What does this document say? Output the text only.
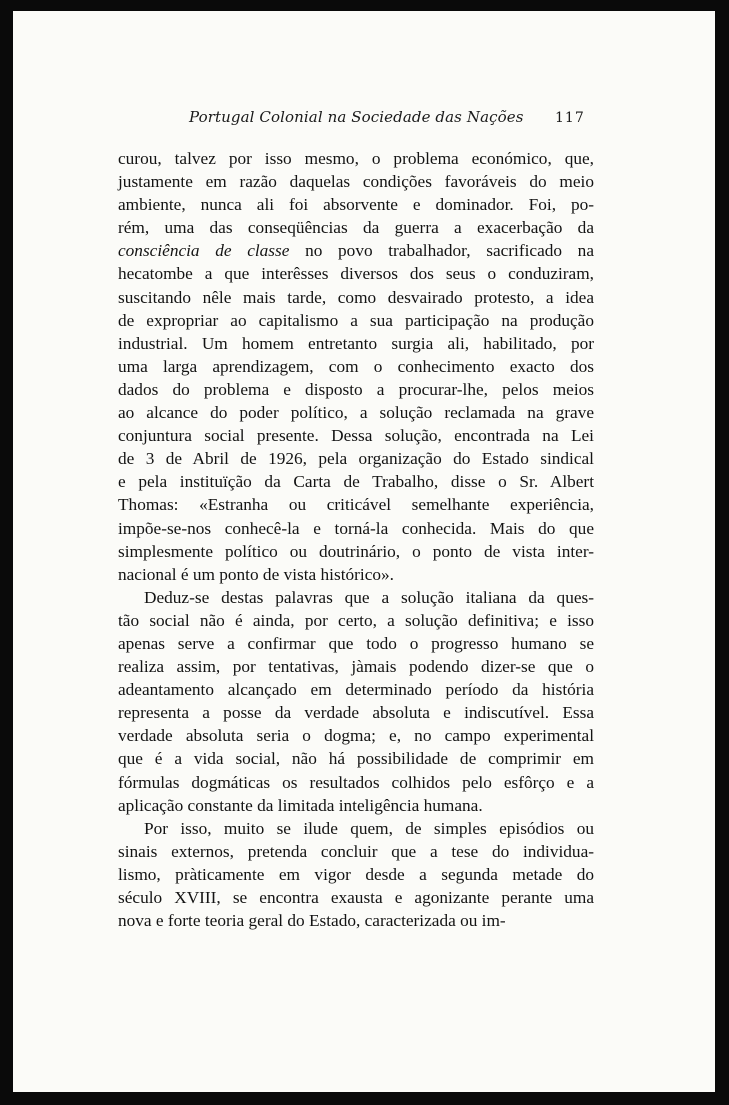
Portugal Colonial na Sociedade das Nações 117

curou, talvez por isso mesmo, o problema económico, que,
justamente em razão daquelas condições favoráveis do meio
ambiente, nunca ali foi absorvente e dominador. Foi, po-
rém, uma das conseqüências da guerra a exacerbação da
consciência de classe no povo trabalhador, sacrificado na
hecatombe a que interêsses diversos dos seus o conduziram,
suscitando nêle mais tarde, como desvairado protesto, a idea
de expropriar ao capitalismo a sua participação na produção
industrial. Um homem entretanto surgia ali, habilitado, por
uma larga aprendizagem, com o conhecimento exacto dos
dados do problema e disposto a procurar-lhe, pelos meios
ao alcance do poder político, a solução reclamada na grave
conjuntura social presente. Dessa solução, encontrada na Lei
de 3 de Abril de 1926, pela organização do Estado sindical
e pela instituïção da Carta de Trabalho, disse o Sr. Albert
Thomas: «Estranha ou criticável semelhante experiência,
impõe-se-nos conhecê-la e torná-la conhecida. Mais do que
simplesmente político ou doutrinário, o ponto de vista inter-
nacional é um ponto de vista histórico».

Deduz-se destas palavras que a solução italiana da ques-
tão social não é ainda, por certo, a solução definitiva; e isso
apenas serve a confirmar que todo o progresso humano se
realiza assim, por tentativas, jàmais podendo dizer-se que o
adeantamento alcançado em determinado período da história
representa a posse da verdade absoluta e indiscutível. Essa
verdade absoluta seria o dogma; e, no campo experimental
que é a vida social, não há possibilidade de comprimir em
fórmulas dogmáticas os resultados colhidos pelo esfôrço e a
aplicação constante da limitada inteligência humana.

Por isso, muito se ilude quem, de simples episódios ou
sinais externos, pretenda concluir que a tese do individua-
lismo, pràticamente em vigor desde a segunda metade do
século XVIII, se encontra exausta e agonizante perante uma
nova e forte teoria geral do Estado, caracterizada ou im-
